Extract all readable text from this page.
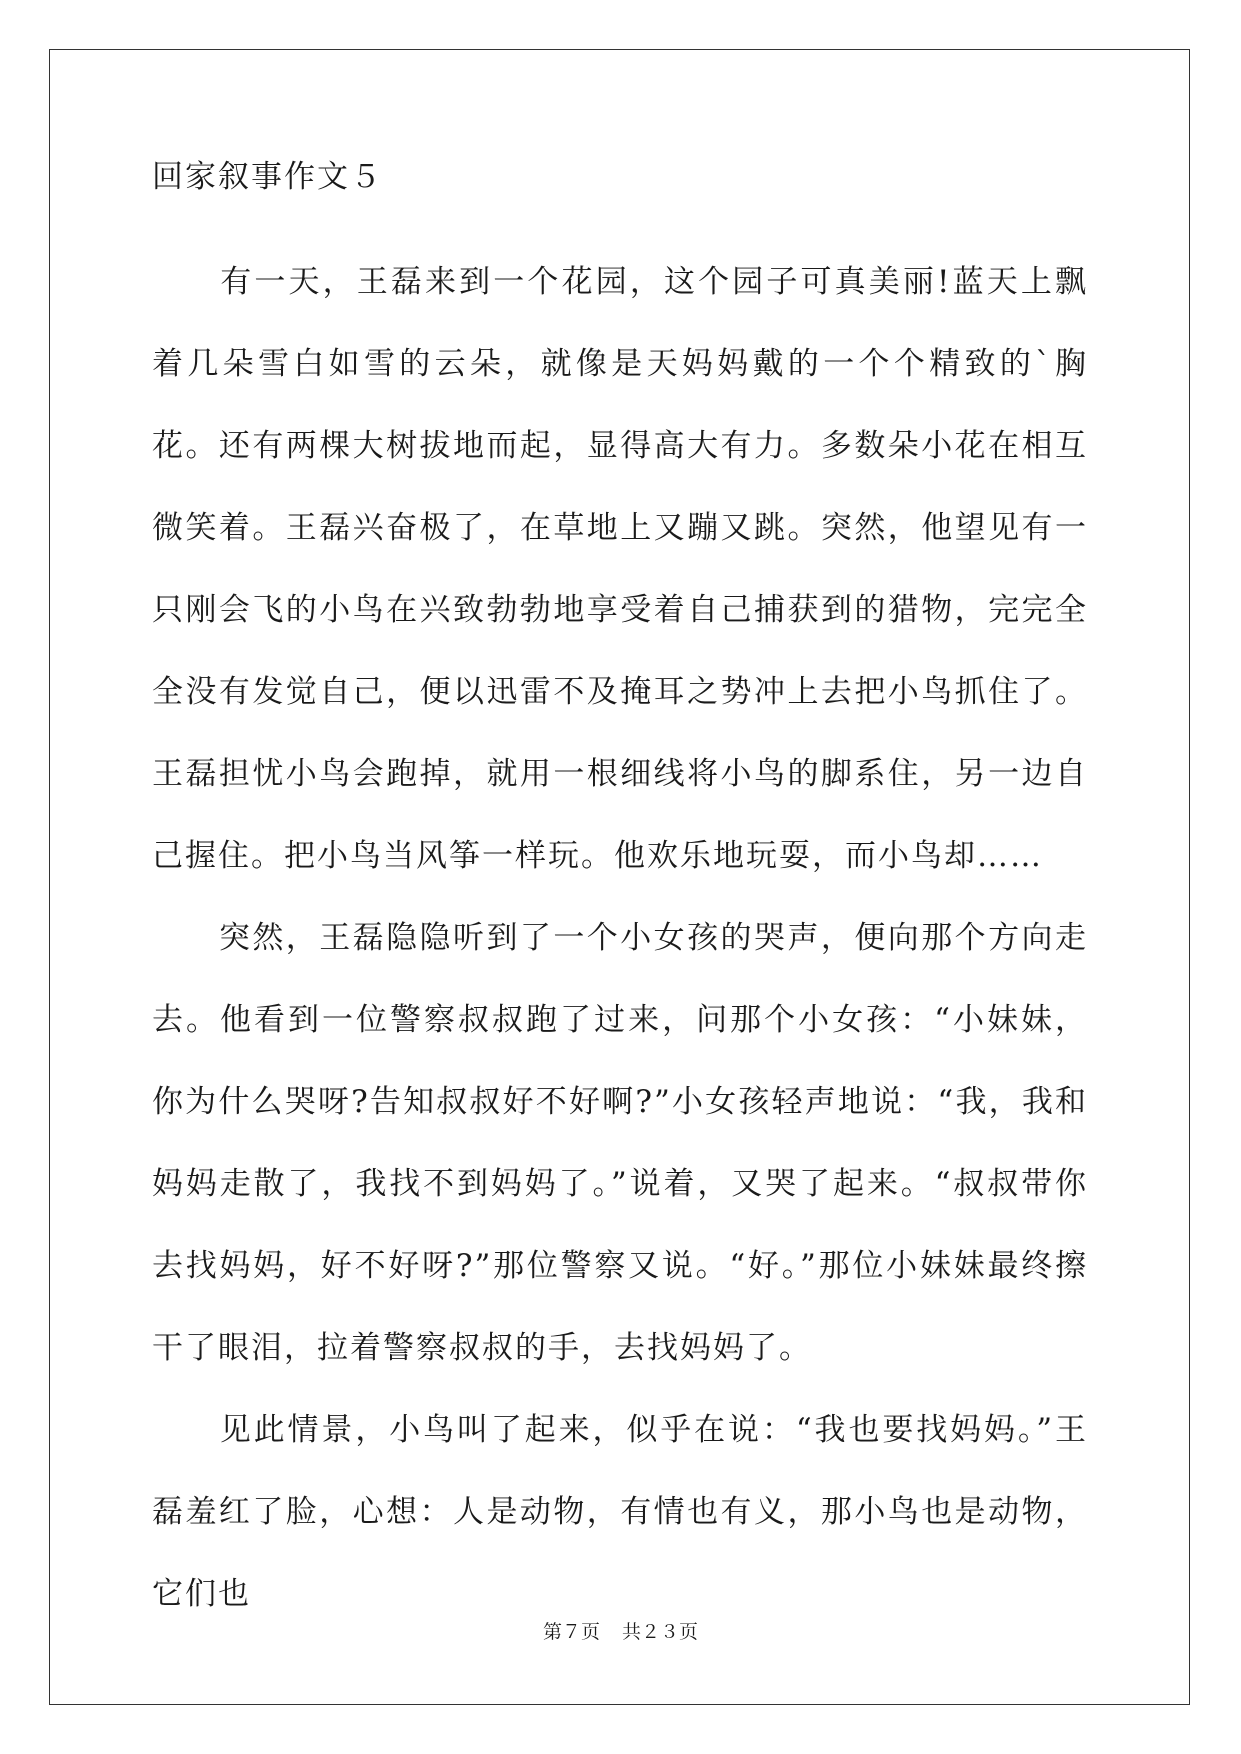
回家叙事作文５

　　有一天，王磊来到一个花园，这个园子可真美丽!蓝天上飘着几朵雪白如雪的云朵，就像是天妈妈戴的一个个精致的`胸花。还有两棵大树拔地而起，显得高大有力。多数朵小花在相互微笑着。王磊兴奋极了，在草地上又蹦又跳。突然，他望见有一只刚会飞的小鸟在兴致勃勃地享受着自己捕获到的猎物，完完全全没有发觉自己，便以迅雷不及掩耳之势冲上去把小鸟抓住了。王磊担忧小鸟会跑掉，就用一根细线将小鸟的脚系住，另一边自己握住。把小鸟当风筝一样玩。他欢乐地玩耍，而小鸟却……

　　突然，王磊隐隐听到了一个小女孩的哭声，便向那个方向走去。他看到一位警察叔叔跑了过来，问那个小女孩：“小妹妹，你为什么哭呀?告知叔叔好不好啊?”小女孩轻声地说：“我，我和妈妈走散了，我找不到妈妈了。”说着，又哭了起来。“叔叔带你去找妈妈，好不好呀?”那位警察又说。“好。”那位小妹妹最终擦干了眼泪，拉着警察叔叔的手，去找妈妈了。

　　见此情景，小鸟叫了起来，似乎在说：“我也要找妈妈。”王磊羞红了脸，心想：人是动物，有情也有义，那小鸟也是动物，它们也

第７页 共２３页
